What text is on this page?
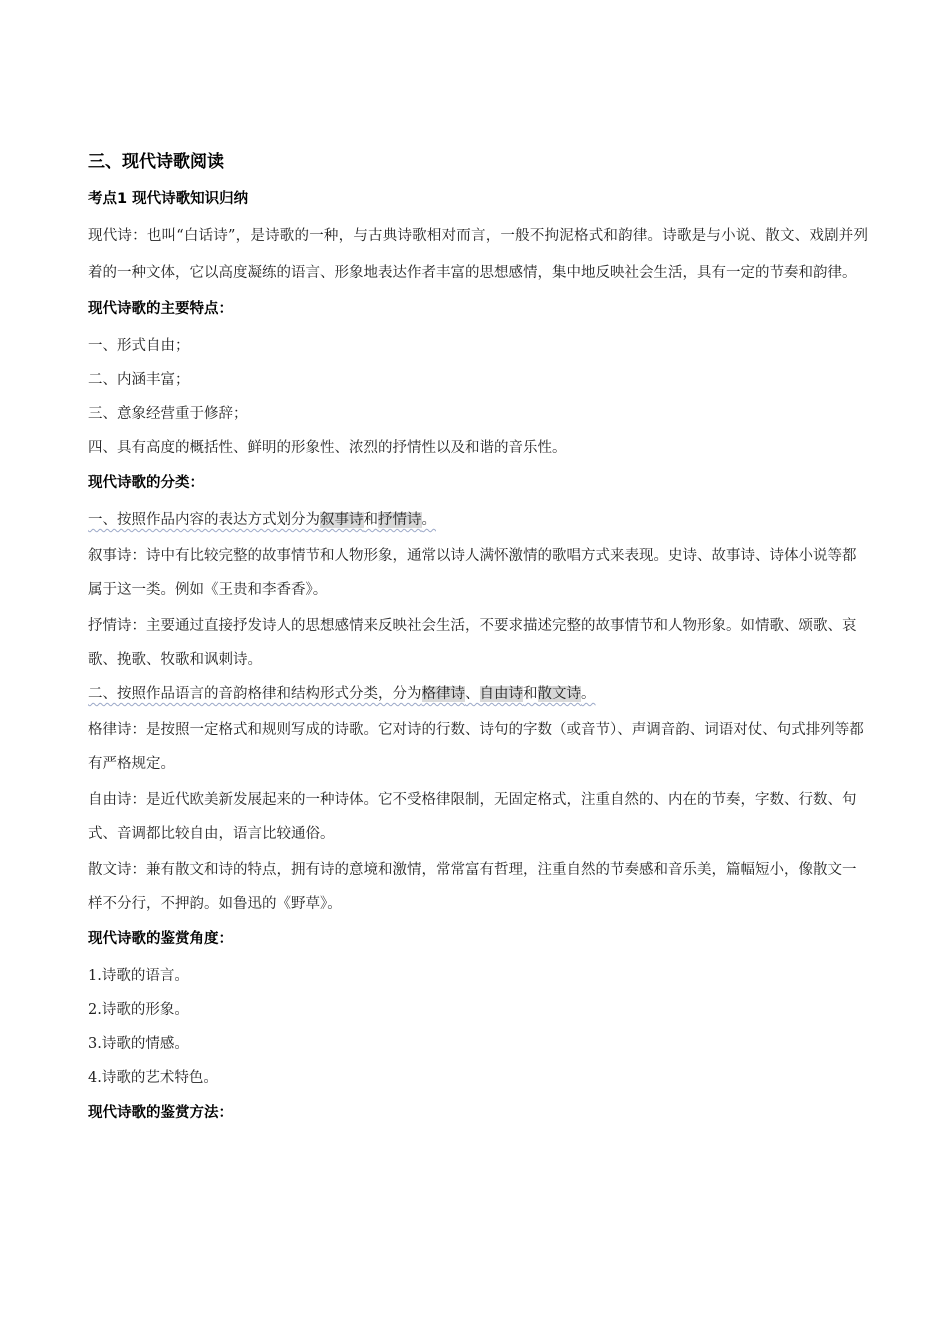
三、现代诗歌阅读
考点1 现代诗歌知识归纳

现代诗：也叫“白话诗”，是诗歌的一种，与古典诗歌相对而言，一般不拘泥格式和韵律。诗歌是与小说、散文、戏剧并列着的一种文体，它以高度凝练的语言、形象地表达作者丰富的思想感情，集中地反映社会生活，具有一定的节奏和韵律。

现代诗歌的主要特点：

一、形式自由；

二、内涵丰富；

三、意象经营重于修辞；

四、具有高度的概括性、鲜明的形象性、浓烈的抒情性以及和谐的音乐性。

现代诗歌的分类：

一、按照作品内容的表达方式划分为叙事诗和抒情诗。

叙事诗：诗中有比较完整的故事情节和人物形象，通常以诗人满怀激情的歌唱方式来表现。史诗、故事诗、诗体小说等都属于这一类。例如《王贵和李香香》。

抒情诗：主要通过直接抒发诗人的思想感情来反映社会生活，不要求描述完整的故事情节和人物形象。如情歌、颂歌、哀歌、挽歌、牧歌和讽刺诗。

二、按照作品语言的音韵格律和结构形式分类，分为格律诗、自由诗和散文诗。

格律诗：是按照一定格式和规则写成的诗歌。它对诗的行数、诗句的字数（或音节）、声调音韵、词语对仗、句式排列等都有严格规定。

自由诗：是近代欧美新发展起来的一种诗体。它不受格律限制，无固定格式，注重自然的、内在的节奏，字数、行数、句式、音调都比较自由，语言比较通俗。

散文诗：兼有散文和诗的特点，拥有诗的意境和激情，常常富有哲理，注重自然的节奏感和音乐美，篇幅短小，像散文一样不分行，不押韵。如鲁迅的《野草》。

现代诗歌的鉴赏角度：

1.诗歌的语言。

2.诗歌的形象。

3.诗歌的情感。

4.诗歌的艺术特色。

现代诗歌的鉴赏方法：
